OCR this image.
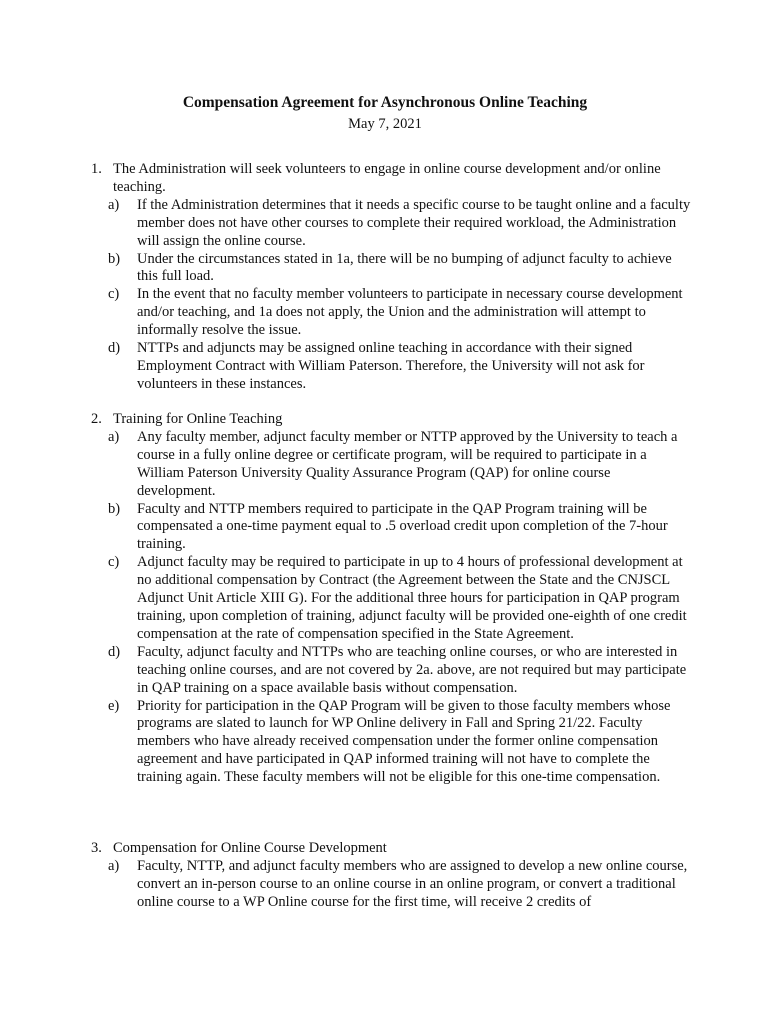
Compensation Agreement for Asynchronous Online Teaching

May 7, 2021

1. The Administration will seek volunteers to engage in online course development and/or online teaching.
a)	If the Administration determines that it needs a specific course to be taught online and a faculty member does not have other courses to complete their required workload, the Administration will assign the online course.
b)	Under the circumstances stated in 1a, there will be no bumping of adjunct faculty to achieve this full load.
c)	In the event that no faculty member volunteers to participate in necessary course development and/or teaching, and 1a does not apply, the Union and the administration will attempt to informally resolve the issue.
d)	NTTPs and adjuncts may be assigned online teaching in accordance with their signed Employment Contract with William Paterson. Therefore, the University will not ask for volunteers in these instances.
2. Training for Online Teaching
a)	Any faculty member, adjunct faculty member or NTTP approved by the University to teach a course in a fully online degree or certificate program, will be required to participate in a William Paterson University Quality Assurance Program (QAP) for online course development.
b)	Faculty and NTTP members required to participate in the QAP Program training will be compensated a one-time payment equal to .5 overload credit upon completion of the 7-hour training.
c)	Adjunct faculty may be required to participate in up to 4 hours of professional development at no additional compensation by Contract (the Agreement between the State and the CNJSCL Adjunct Unit Article XIII G). For the additional three hours for participation in QAP program training, upon completion of training, adjunct faculty will be provided one-eighth of one credit compensation at the rate of compensation specified in the State Agreement.
d)	Faculty, adjunct faculty and NTTPs who are teaching online courses, or who are interested in teaching online courses, and are not covered by 2a. above, are not required but may participate in QAP training on a space available basis without compensation.
e)	Priority for participation in the QAP Program will be given to those faculty members whose programs are slated to launch for WP Online delivery in Fall and Spring 21/22. Faculty members who have already received compensation under the former online compensation agreement and have participated in QAP informed training will not have to complete the training again. These faculty members will not be eligible for this one-time compensation.
3. Compensation for Online Course Development
a)	Faculty, NTTP, and adjunct faculty members who are assigned to develop a new online course, convert an in-person course to an online course in an online program, or convert a traditional online course to a WP Online course for the first time, will receive 2 credits of
